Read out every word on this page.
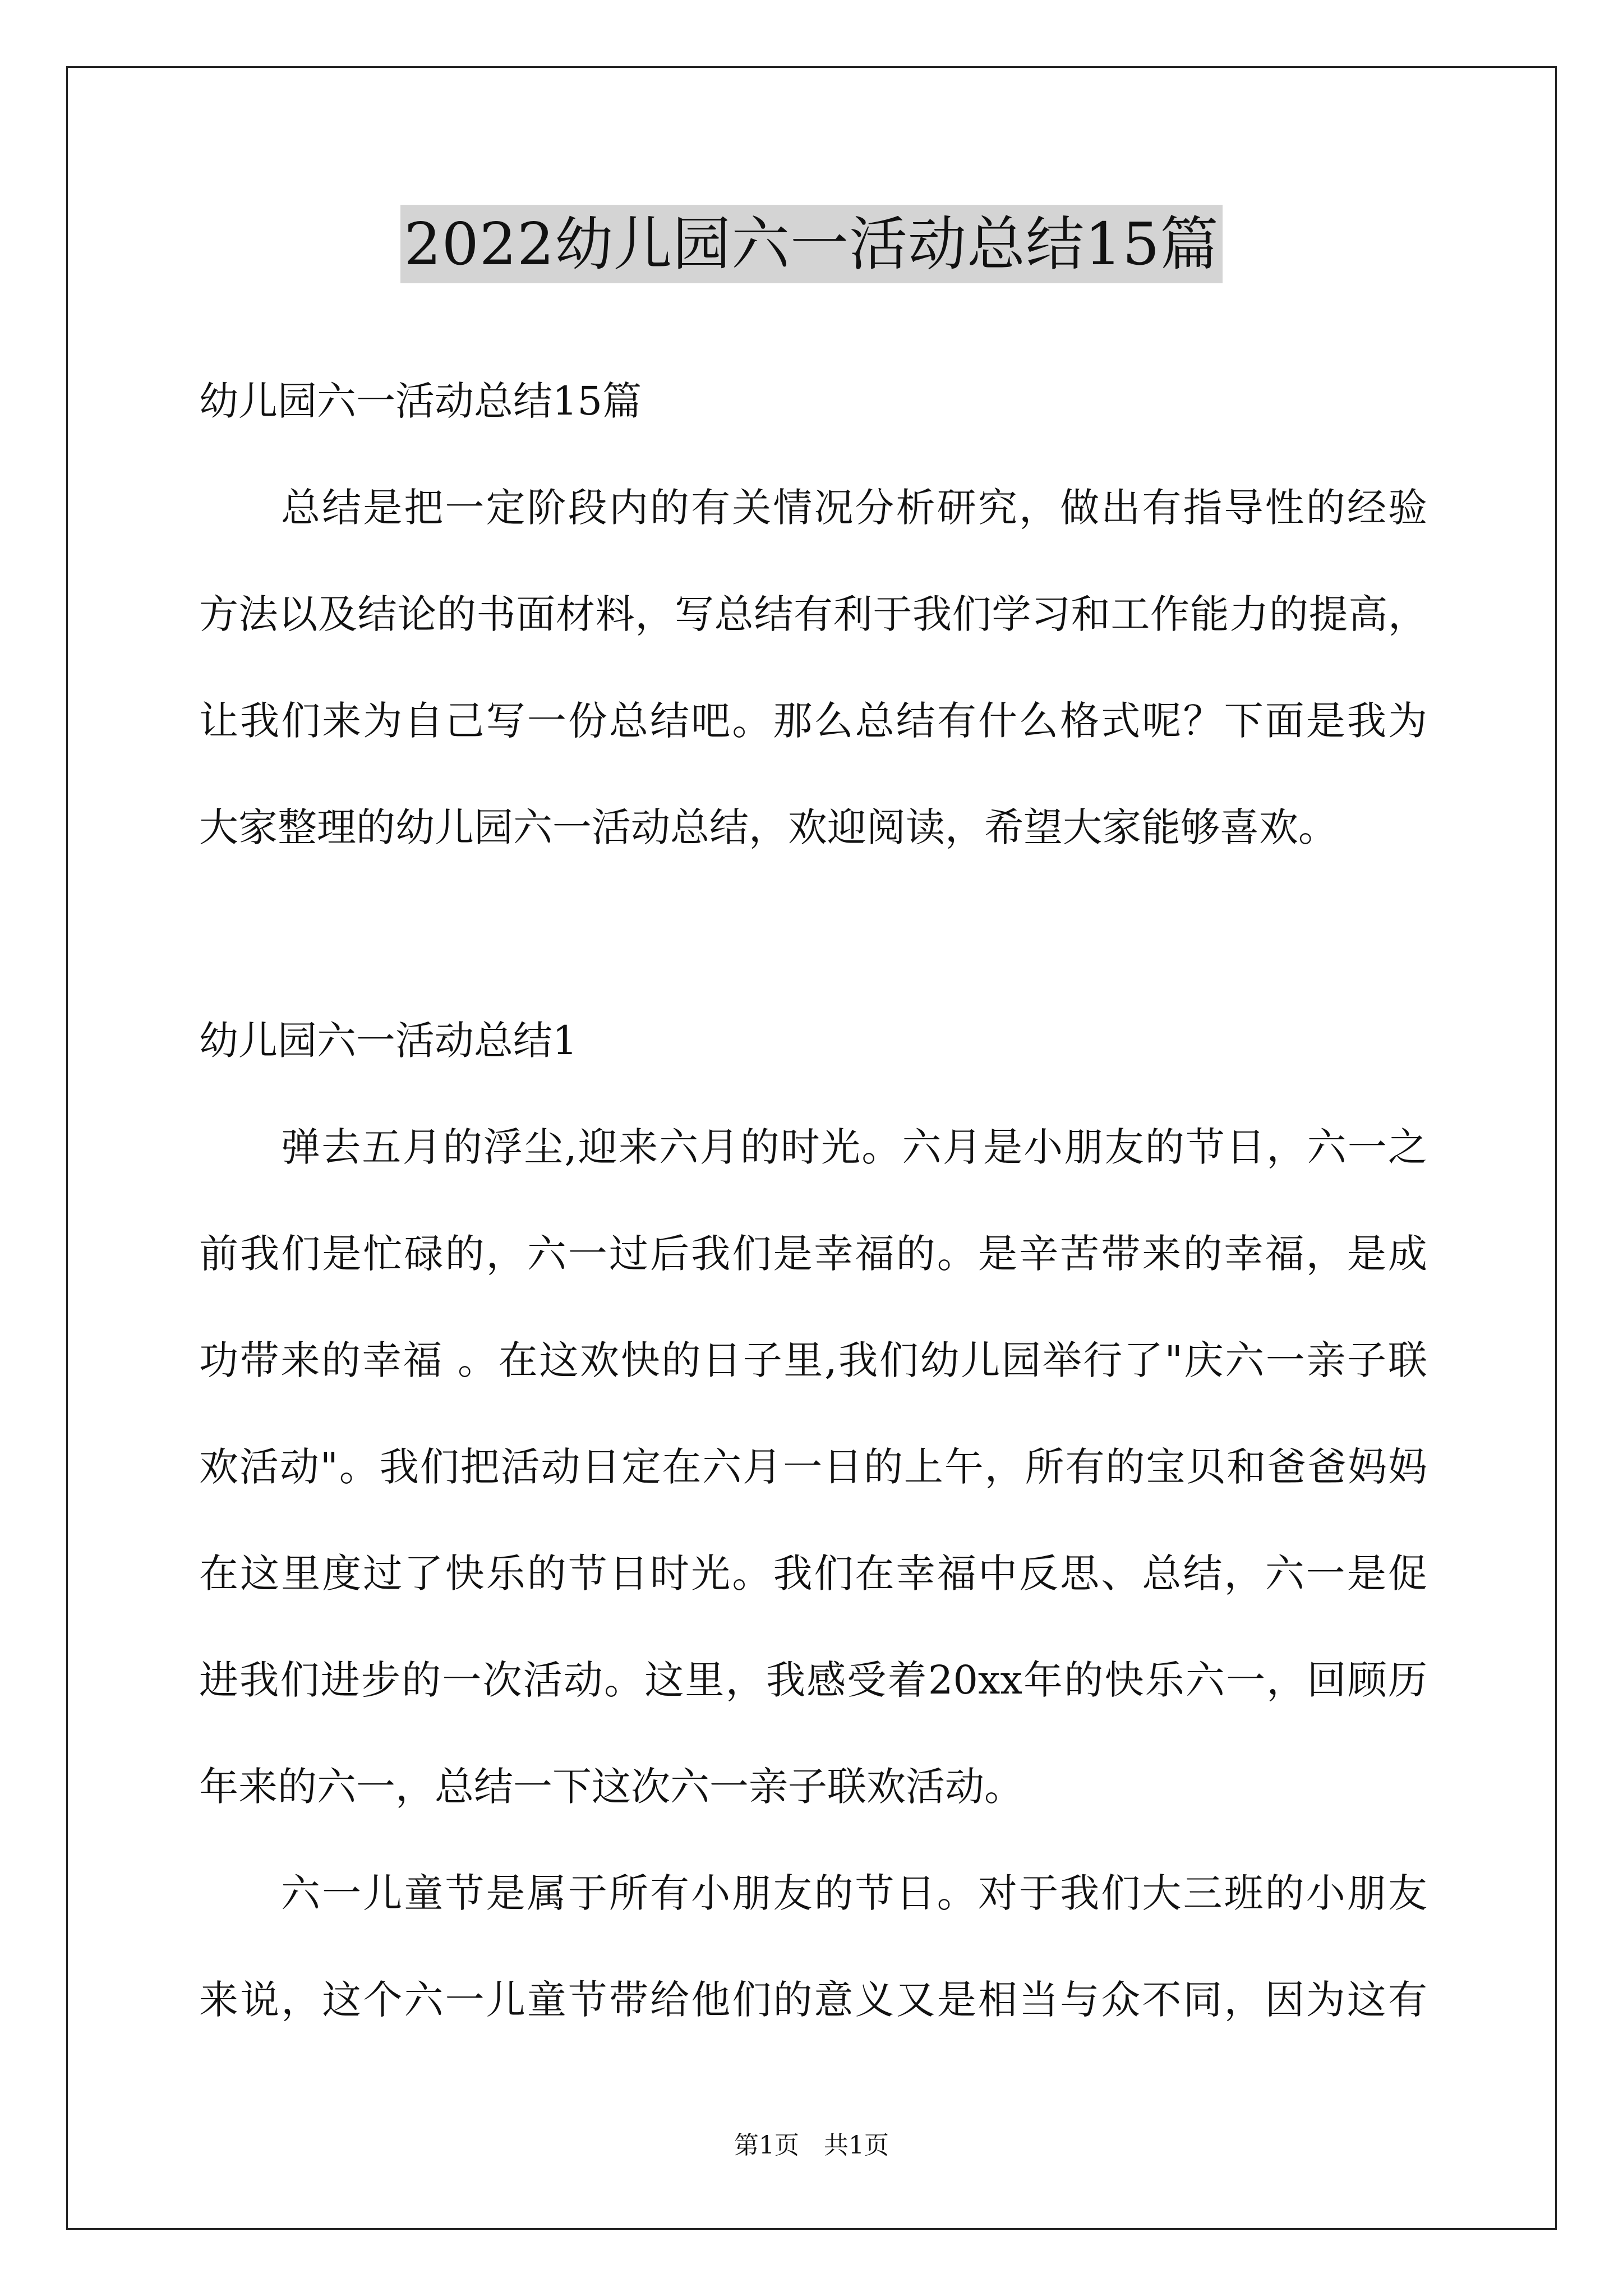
2022幼儿园六一活动总结15篇
幼儿园六一活动总结15篇
总结是把一定阶段内的有关情况分析研究，做出有指导性的经验
方法以及结论的书面材料，写总结有利于我们学习和工作能力的提高，
让我们来为自己写一份总结吧。那么总结有什么格式呢？下面是我为
大家整理的幼儿园六一活动总结，欢迎阅读，希望大家能够喜欢。
幼儿园六一活动总结1
弹去五月的浮尘,迎来六月的时光。六月是小朋友的节日，六一之
前我们是忙碌的，六一过后我们是幸福的。是辛苦带来的幸福，是成
功带来的幸福 。在这欢快的日子里,我们幼儿园举行了"庆六一亲子联
欢活动"。我们把活动日定在六月一日的上午，所有的宝贝和爸爸妈妈
在这里度过了快乐的节日时光。我们在幸福中反思、总结，六一是促
进我们进步的一次活动。这里，我感受着20xx年的快乐六一，回顾历
年来的六一，总结一下这次六一亲子联欢活动。
六一儿童节是属于所有小朋友的节日。对于我们大三班的小朋友
来说，这个六一儿童节带给他们的意义又是相当与众不同，因为这有
第1页　共1页
